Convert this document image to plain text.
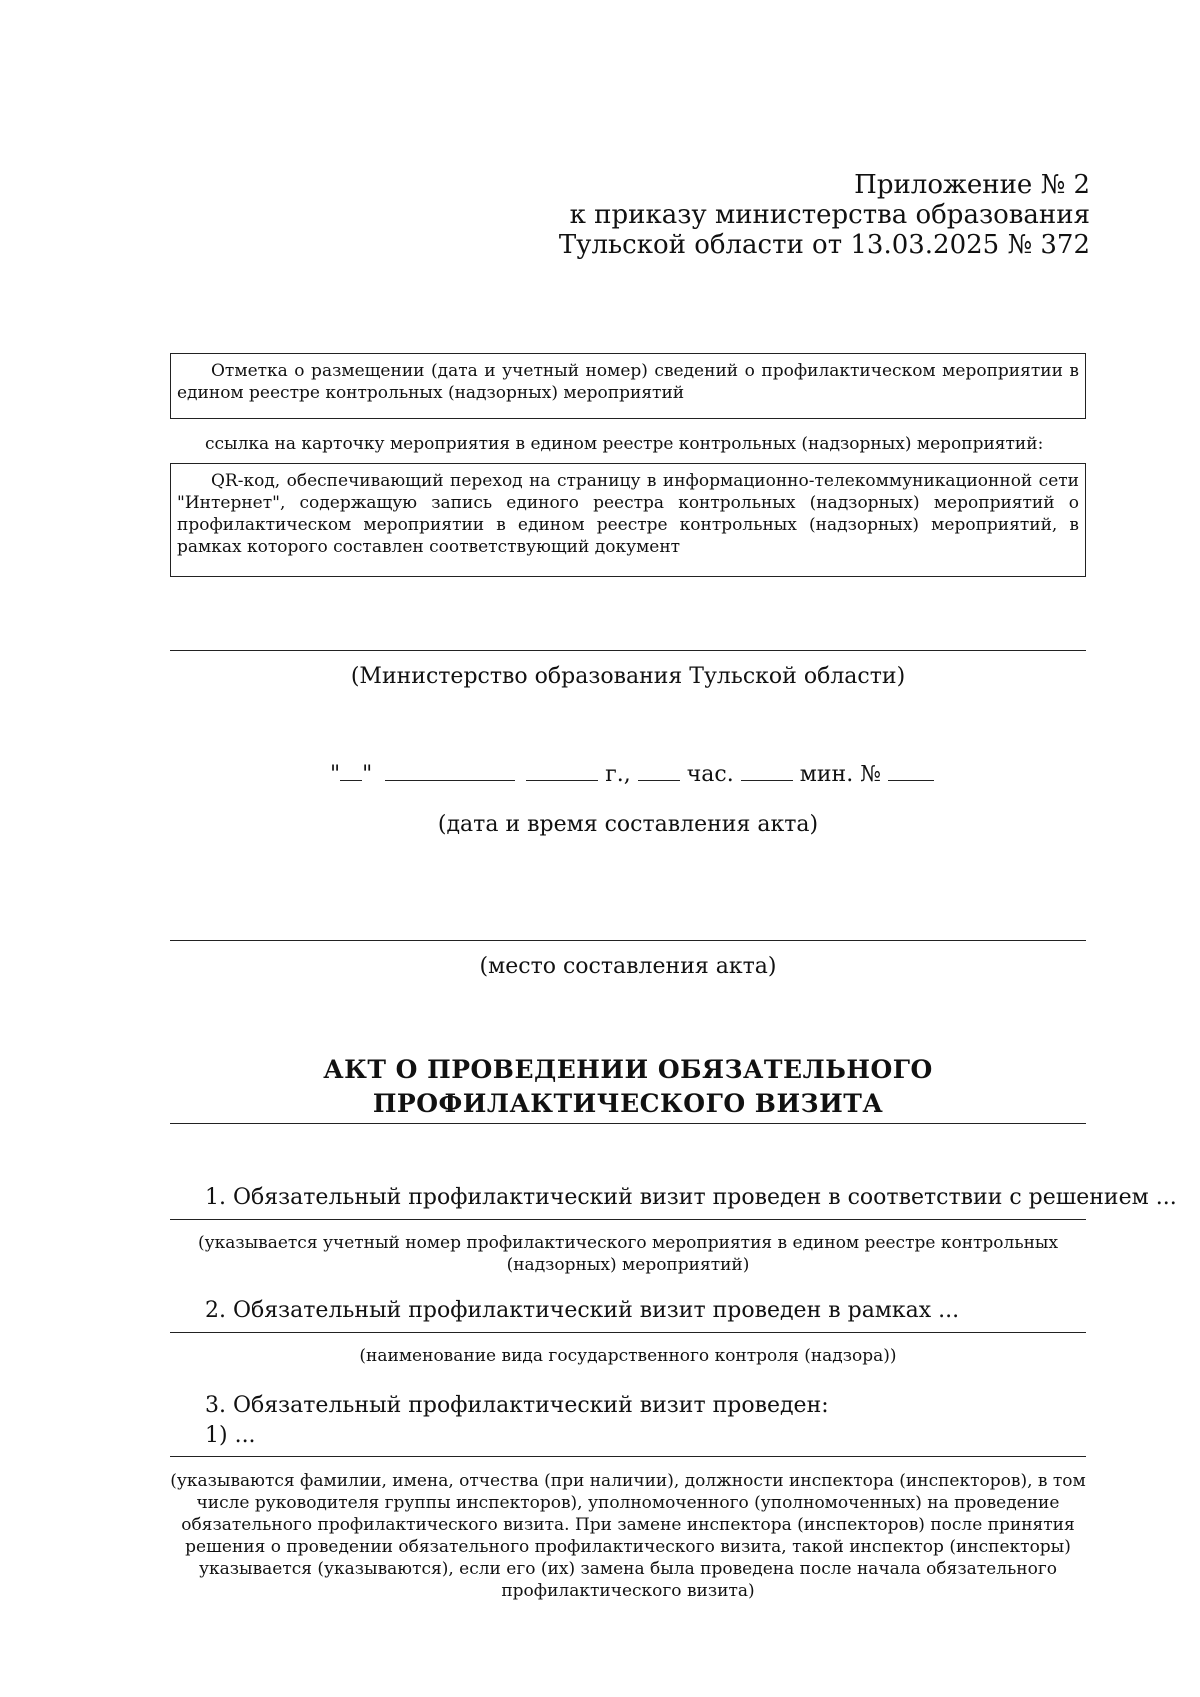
Приложение № 2
к приказу министерства образования
Тульской области от 13.03.2025 № 372
Отметка о размещении (дата и учетный номер) сведений о профилактическом мероприятии в едином реестре контрольных (надзорных) мероприятий
ссылка на карточку мероприятия в едином реестре контрольных (надзорных) мероприятий:
QR-код, обеспечивающий переход на страницу в информационно-телекоммуникационной сети "Интернет", содержащую запись единого реестра контрольных (надзорных) мероприятий о профилактическом мероприятии в едином реестре контрольных (надзорных) мероприятий, в рамках которого составлен соответствующий документ
(Министерство образования Тульской области)
" "	г.,	час.	мин. №
(дата и время составления акта)
(место составления акта)
АКТ О ПРОВЕДЕНИИ ОБЯЗАТЕЛЬНОГО
ПРОФИЛАКТИЧЕСКОГО ВИЗИТА
1. Обязательный профилактический визит проведен в соответствии с решением ...
(указывается учетный номер профилактического мероприятия в едином реестре контрольных
(надзорных) мероприятий)
2. Обязательный профилактический визит проведен в рамках ...
(наименование вида государственного контроля (надзора))
3. Обязательный профилактический визит проведен:
1) ...
(указываются фамилии, имена, отчества (при наличии), должности инспектора (инспекторов), в том
числе руководителя группы инспекторов), уполномоченного (уполномоченных) на проведение
обязательного профилактического визита. При замене инспектора (инспекторов) после принятия
решения о проведении обязательного профилактического визита, такой инспектор (инспекторы)
указывается (указываются), если его (их) замена была проведена после начала обязательного
профилактического визита)
